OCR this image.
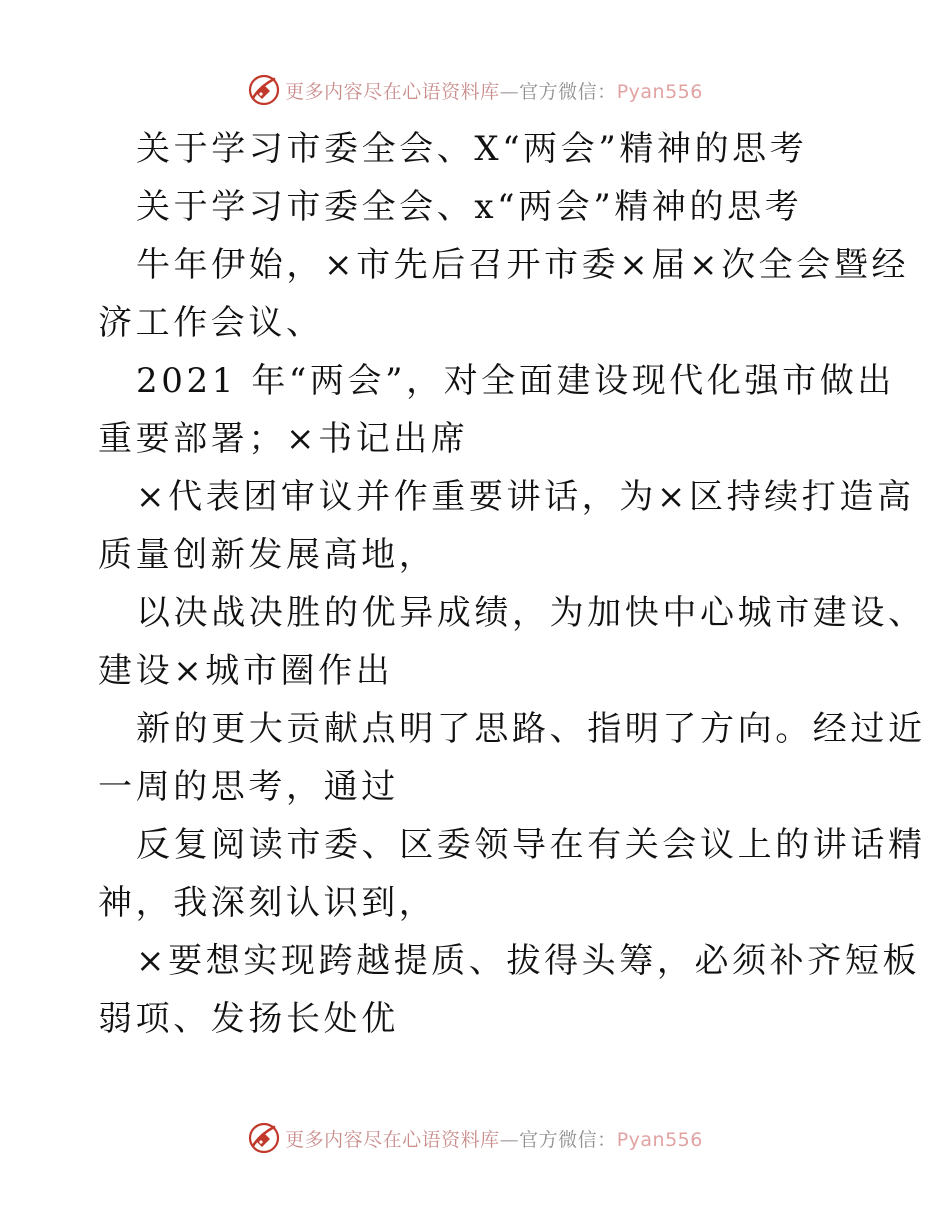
更多内容尽在心语资料库—官方微信：Pyan556
关于学习市委全会、X“两会”精神的思考
关于学习市委全会、x“两会”精神的思考
牛年伊始，×市先后召开市委×届×次全会暨经
济工作会议、
2021 年“两会”，对全面建设现代化强市做出
重要部署；×书记出席
×代表团审议并作重要讲话，为×区持续打造高
质量创新发展高地，
以决战决胜的优异成绩，为加快中心城市建设、
建设×城市圈作出
新的更大贡献点明了思路、指明了方向。经过近
一周的思考，通过
反复阅读市委、区委领导在有关会议上的讲话精
神，我深刻认识到，
×要想实现跨越提质、拔得头筹，必须补齐短板
弱项、发扬长处优
更多内容尽在心语资料库—官方微信：Pyan556
